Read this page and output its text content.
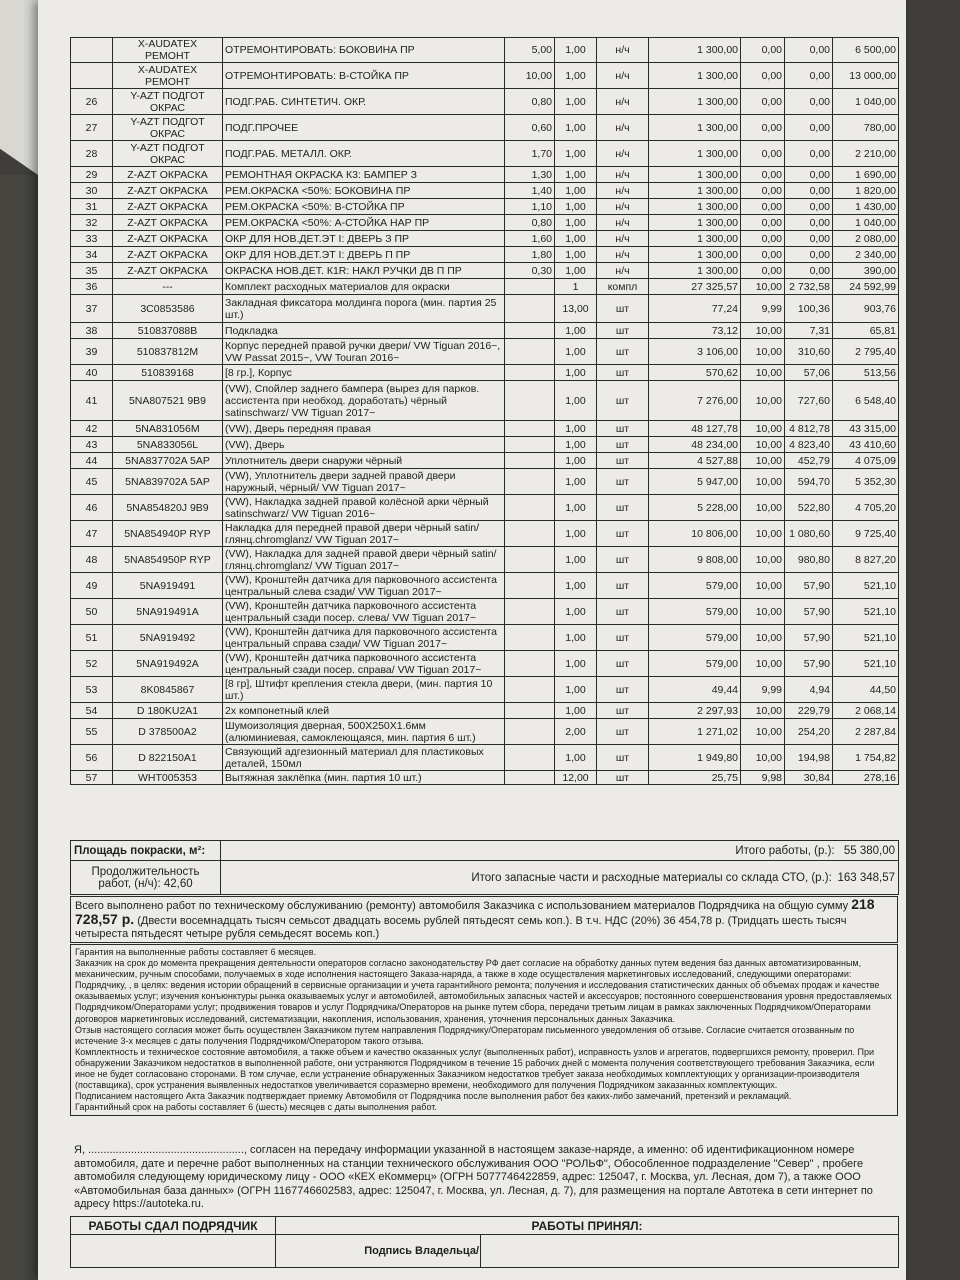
	X-AUDATEX РЕМОНТ	ОТРЕМОНТИРОВАТЬ: БОКОВИНА ПР	5,00	1,00	н/ч	1 300,00	0,00	0,00	6 500,00
	X-AUDATEX РЕМОНТ	ОТРЕМОНТИРОВАТЬ: В-СТОЙКА ПР	10,00	1,00	н/ч	1 300,00	0,00	0,00	13 000,00
26	Y-AZT ПОДГОТ ОКРАС	ПОДГ.РАБ. СИНТЕТИЧ. ОКР.	0,80	1,00	н/ч	1 300,00	0,00	0,00	1 040,00
27	Y-AZT ПОДГОТ ОКРАС	ПОДГ.ПРОЧЕЕ	0,60	1,00	н/ч	1 300,00	0,00	0,00	780,00
28	Y-AZT ПОДГОТ ОКРАС	ПОДГ.РАБ. МЕТАЛЛ. ОКР.	1,70	1,00	н/ч	1 300,00	0,00	0,00	2 210,00
29	Z-AZT ОКРАСКА	РЕМОНТНАЯ ОКРАСКА К3: БАМПЕР З	1,30	1,00	н/ч	1 300,00	0,00	0,00	1 690,00
30	Z-AZT ОКРАСКА	РЕМ.ОКРАСКА <50%: БОКОВИНА ПР	1,40	1,00	н/ч	1 300,00	0,00	0,00	1 820,00
31	Z-AZT ОКРАСКА	РЕМ.ОКРАСКА <50%: В-СТОЙКА ПР	1,10	1,00	н/ч	1 300,00	0,00	0,00	1 430,00
32	Z-AZT ОКРАСКА	РЕМ.ОКРАСКА <50%: А-СТОЙКА НАР ПР	0,80	1,00	н/ч	1 300,00	0,00	0,00	1 040,00
33	Z-AZT ОКРАСКА	ОКР ДЛЯ НОВ.ДЕТ.ЭТ I: ДВЕРЬ З ПР	1,60	1,00	н/ч	1 300,00	0,00	0,00	2 080,00
34	Z-AZT ОКРАСКА	ОКР ДЛЯ НОВ.ДЕТ.ЭТ I: ДВЕРЬ П ПР	1,80	1,00	н/ч	1 300,00	0,00	0,00	2 340,00
35	Z-AZT ОКРАСКА	ОКРАСКА НОВ.ДЕТ. К1R: НАКЛ РУЧКИ ДВ П ПР	0,30	1,00	н/ч	1 300,00	0,00	0,00	390,00
36	---	Комплект расходных материалов для окраски		1	компл	27 325,57	10,00	2 732,58	24 592,99
37	3C0853586	Закладная фиксатора молдинга порога (мин. партия 25 шт.)		13,00	шт	77,24	9,99	100,36	903,76
38	510837088B	Подкладка		1,00	шт	73,12	10,00	7,31	65,81
39	510837812M	Корпус передней правой ручки двери/ VW Tiguan 2016~, VW Passat 2015~, VW Touran 2016~		1,00	шт	3 106,00	10,00	310,60	2 795,40
40	510839168	[8 гр.], Корпус		1,00	шт	570,62	10,00	57,06	513,56
41	5NA807521 9B9	(VW), Спойлер заднего бампера (вырез для парков. ассистента при необход. доработать) чёрный satinschwarz/ VW Tiguan 2017~		1,00	шт	7 276,00	10,00	727,60	6 548,40
42	5NA831056M	(VW), Дверь передняя правая		1,00	шт	48 127,78	10,00	4 812,78	43 315,00
43	5NA833056L	(VW), Дверь		1,00	шт	48 234,00	10,00	4 823,40	43 410,60
44	5NA837702A 5AP	Уплотнитель двери снаружи чёрный		1,00	шт	4 527,88	10,00	452,79	4 075,09
45	5NA839702A 5AP	(VW), Уплотнитель двери задней правой двери наружный, чёрный/ VW Tiguan 2017~		1,00	шт	5 947,00	10,00	594,70	5 352,30
46	5NA854820J 9B9	(VW), Накладка задней правой колёсной арки чёрный satinschwarz/ VW Tiguan 2016~		1,00	шт	5 228,00	10,00	522,80	4 705,20
47	5NA854940P RYP	Накладка для передней правой двери чёрный satin/глянц.chromglanz/ VW Tiguan 2017~		1,00	шт	10 806,00	10,00	1 080,60	9 725,40
48	5NA854950P RYP	(VW), Накладка для задней правой двери чёрный satin/глянц.chromglanz/ VW Tiguan 2017~		1,00	шт	9 808,00	10,00	980,80	8 827,20
49	5NA919491	(VW), Кронштейн датчика для парковочного ассистента центральный слева сзади/ VW Tiguan 2017~		1,00	шт	579,00	10,00	57,90	521,10
50	5NA919491A	(VW), Кронштейн датчика парковочного ассистента центральный сзади посер. слева/ VW Tiguan 2017~		1,00	шт	579,00	10,00	57,90	521,10
51	5NA919492	(VW), Кронштейн датчика для парковочного ассистента центральный справа сзади/ VW Tiguan 2017~		1,00	шт	579,00	10,00	57,90	521,10
52	5NA919492A	(VW), Кронштейн датчика парковочного ассистента центральный сзади посер. справа/ VW Tiguan 2017~		1,00	шт	579,00	10,00	57,90	521,10
53	8K0845867	[8 гр], Штифт крепления стекла двери, (мин. партия 10 шт.)		1,00	шт	49,44	9,99	4,94	44,50
54	D 180KU2A1	2х компонетный клей		1,00	шт	2 297,93	10,00	229,79	2 068,14
55	D 378500A2	Шумоизоляция дверная, 500Х250Х1.6мм (алюминиевая, самоклеющаяся, мин. партия 6 шт.)		2,00	шт	1 271,02	10,00	254,20	2 287,84
56	D 822150A1	Связующий адгезионный материал для пластиковых деталей, 150мл		1,00	шт	1 949,80	10,00	194,98	1 754,82
57	WHT005353	Вытяжная заклёпка (мин. партия 10 шт.)		12,00	шт	25,75	9,98	30,84	278,16
Площадь покраски, м²:	Итого работы, (р.): 55 380,00
Продолжительность работ, (н/ч): 42,60	Итого запасные части и расходные материалы со склада СТО, (р.): 163 348,57
Всего выполнено работ по техническому обслуживанию (ремонту) автомобиля Заказчика с использованием материалов Подрядчика на общую сумму 218 728,57 р. (Двести восемнадцать тысяч семьсот двадцать восемь рублей пятьдесят семь коп.). В т.ч. НДС (20%) 36 454,78 р. (Тридцать шесть тысяч четыреста пятьдесят четыре рубля семьдесят восемь коп.)

Гарантия на выполненные работы составляет 6 месяцев.

Заказчик на срок до момента прекращения деятельности операторов согласно законодательству РФ дает согласие на обработку данных путем ведения баз данных автоматизированным, механическим, ручным способами, получаемых в ходе исполнения настоящего Заказа-наряда, а также в ходе осуществления маркетинговых исследований, следующими операторами: Подрядчику, , в целях: ведения истории обращений в сервисные организации и учета гарантийного ремонта; получения и исследования статистических данных об объемах продаж и качестве оказываемых услуг; изучения конъюнктуры рынка оказываемых услуг и автомобилей, автомобильных запасных частей и аксессуаров; постоянного совершенствования уровня предоставляемых Подрядчиком/Операторами услуг; продвижения товаров и услуг Подрядчика/Операторов на рынке путем сбора, передачи третьим лицам в рамках заключенных Подрядчиком/Операторами договоров маркетинговых исследований, систематизации, накопления, использования, хранения, уточнения персональных данных Заказчика.

Отзыв настоящего согласия может быть осуществлен Заказчиком путем направления Подрядчику/Операторам письменного уведомления об отзыве. Согласие считается отозванным по истечение 3-х месяцев с даты получения Подрядчиком/Оператором такого отзыва.

Комплектность и техническое состояние автомобиля, а также объем и качество оказанных услуг (выполненных работ), исправность узлов и агрегатов, подвергшихся ремонту, проверил. При обнаружении Заказчиком недостатков в выполненной работе, они устраняются Подрядчиком в течение 15 рабочих дней с момента получения соответствующего требования Заказчика, если иное не будет согласовано сторонами. В том случае, если устранение обнаруженных Заказчиком недостатков требует заказа необходимых комплектующих у организации-производителя (поставщика), срок устранения выявленных недостатков увеличивается соразмерно времени, необходимого для получения Подрядчиком заказанных комплектующих.

Подписанием настоящего Акта Заказчик подтверждает приемку Автомобиля от Подрядчика после выполнения работ без каких-либо замечаний, претензий и рекламаций.

Гарантийный срок на работы составляет 6 (шесть) месяцев с даты выполнения работ.

Я, ..................................................., согласен на передачу информации указанной в настоящем заказе-наряде, а именно: об идентификационном номере автомобиля, дате и перечне работ выполненных на станции технического обслуживания ООО "РОЛЬФ", Обособленное подразделение "Север" , пробеге автомобиля следующему юридическому лицу - ООО «КЕХ еКоммерц» (ОГРН 5077746422859, адрес: 125047, г. Москва, ул. Лесная, дом 7), а также ООО «Автомобильная база данных» (ОГРН 1167746602583, адрес: 125047, г. Москва, ул. Лесная, д. 7), для размещения на портале Автотека в сети интернет по адресу https://autoteka.ru.
РАБОТЫ СДАЛ ПОДРЯДЧИК	РАБОТЫ ПРИНЯЛ:	
	Подпись Владельца/	
